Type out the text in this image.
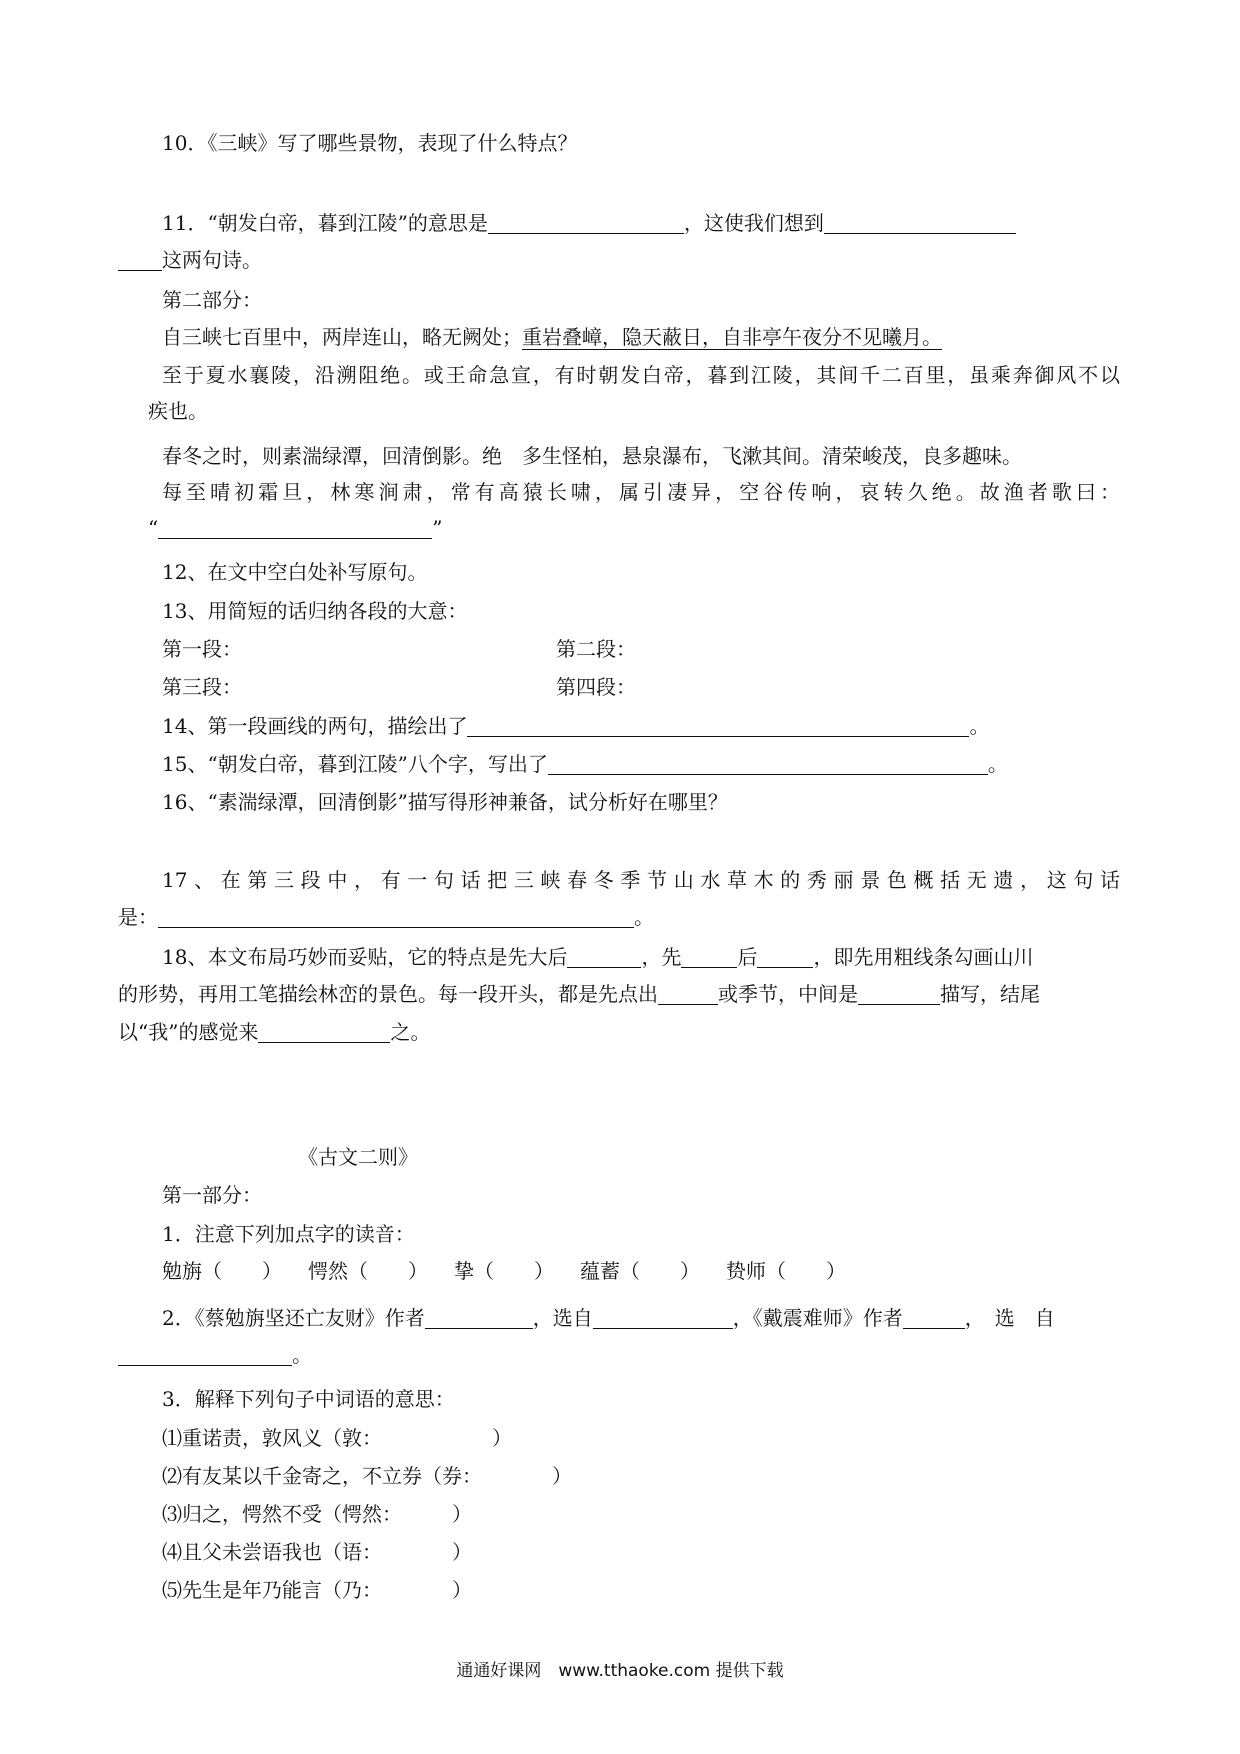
10．《三峡》写了哪些景物，表现了什么特点？
11．“朝发白帝，暮到江陵”的意思是	，这使我们想到
这两句诗。
第二部分：
自三峡七百里中，两岸连山，略无阙处；重岩叠嶂，隐天蔽日，自非亭午夜分不见曦月。
至于夏水襄陵，沿溯阻绝。或王命急宣，有时朝发白帝，暮到江陵，其间千二百里，虽乘奔御风不以
疾也。
春冬之时，则素湍绿潭，回清倒影。绝　多生怪柏，悬泉瀑布，飞漱其间。清荣峻茂，良多趣味。
每至晴初霜旦，林寒涧肃，常有高猿长啸，属引凄异，空谷传响，哀转久绝。故渔者歌曰：
“	”
12、在文中空白处补写原句。
13、用简短的话归纳各段的大意：
第一段：	第二段：
第三段：	第四段：
14、第一段画线的两句，描绘出了	。
15、“朝发白帝，暮到江陵”八个字，写出了	。
16、“素湍绿潭，回清倒影”描写得形神兼备，试分析好在哪里？
17、在第三段中，有一句话把三峡春冬季节山水草木的秀丽景色概括无遗，这句话
是：	。
18、本文布局巧妙而妥贴，它的特点是先大后	，先	后	，即先用粗线条勾画山川
的形势，再用工笔描绘林峦的景色。每一段开头，都是先点出	或季节，中间是	描写，结尾
以“我”的感觉来	之。
《古文二则》
第一部分：
1．注意下列加点字的读音：
勉旃（　　） 愕然（　　） 挚（　　） 蕴蓄（　　） 贽师（　　）
2．《蔡勉旃坚还亡友财》作者	，选自	，《戴震难师》作者	，　选　自
。
3．解释下列句子中词语的意思：
⑴重诺责，敦风义（敦：　　　　　　）
⑵有友某以千金寄之，不立券（券：　　　　）
⑶归之，愕然不受（愕然：　　　）
⑷且父未尝语我也（语：　　　　）
⑸先生是年乃能言（乃：　　　　）
通通好课网　www.tthaoke.com 提供下载
